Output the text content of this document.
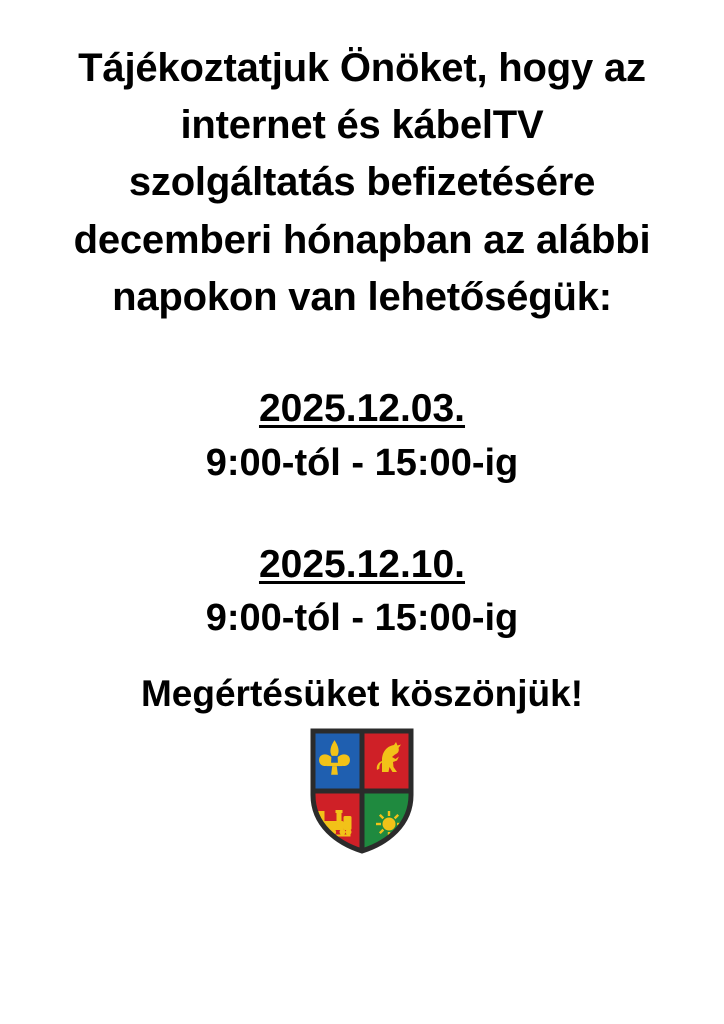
Tájékoztatjuk Önöket, hogy az internet és kábelTV szolgáltatás befizetésére decemberi hónapban az alábbi napokon van lehetőségük:

2025.12.03.

9:00-tól - 15:00-ig

2025.12.10.

9:00-tól - 15:00-ig

Megértésüket köszönjük!
